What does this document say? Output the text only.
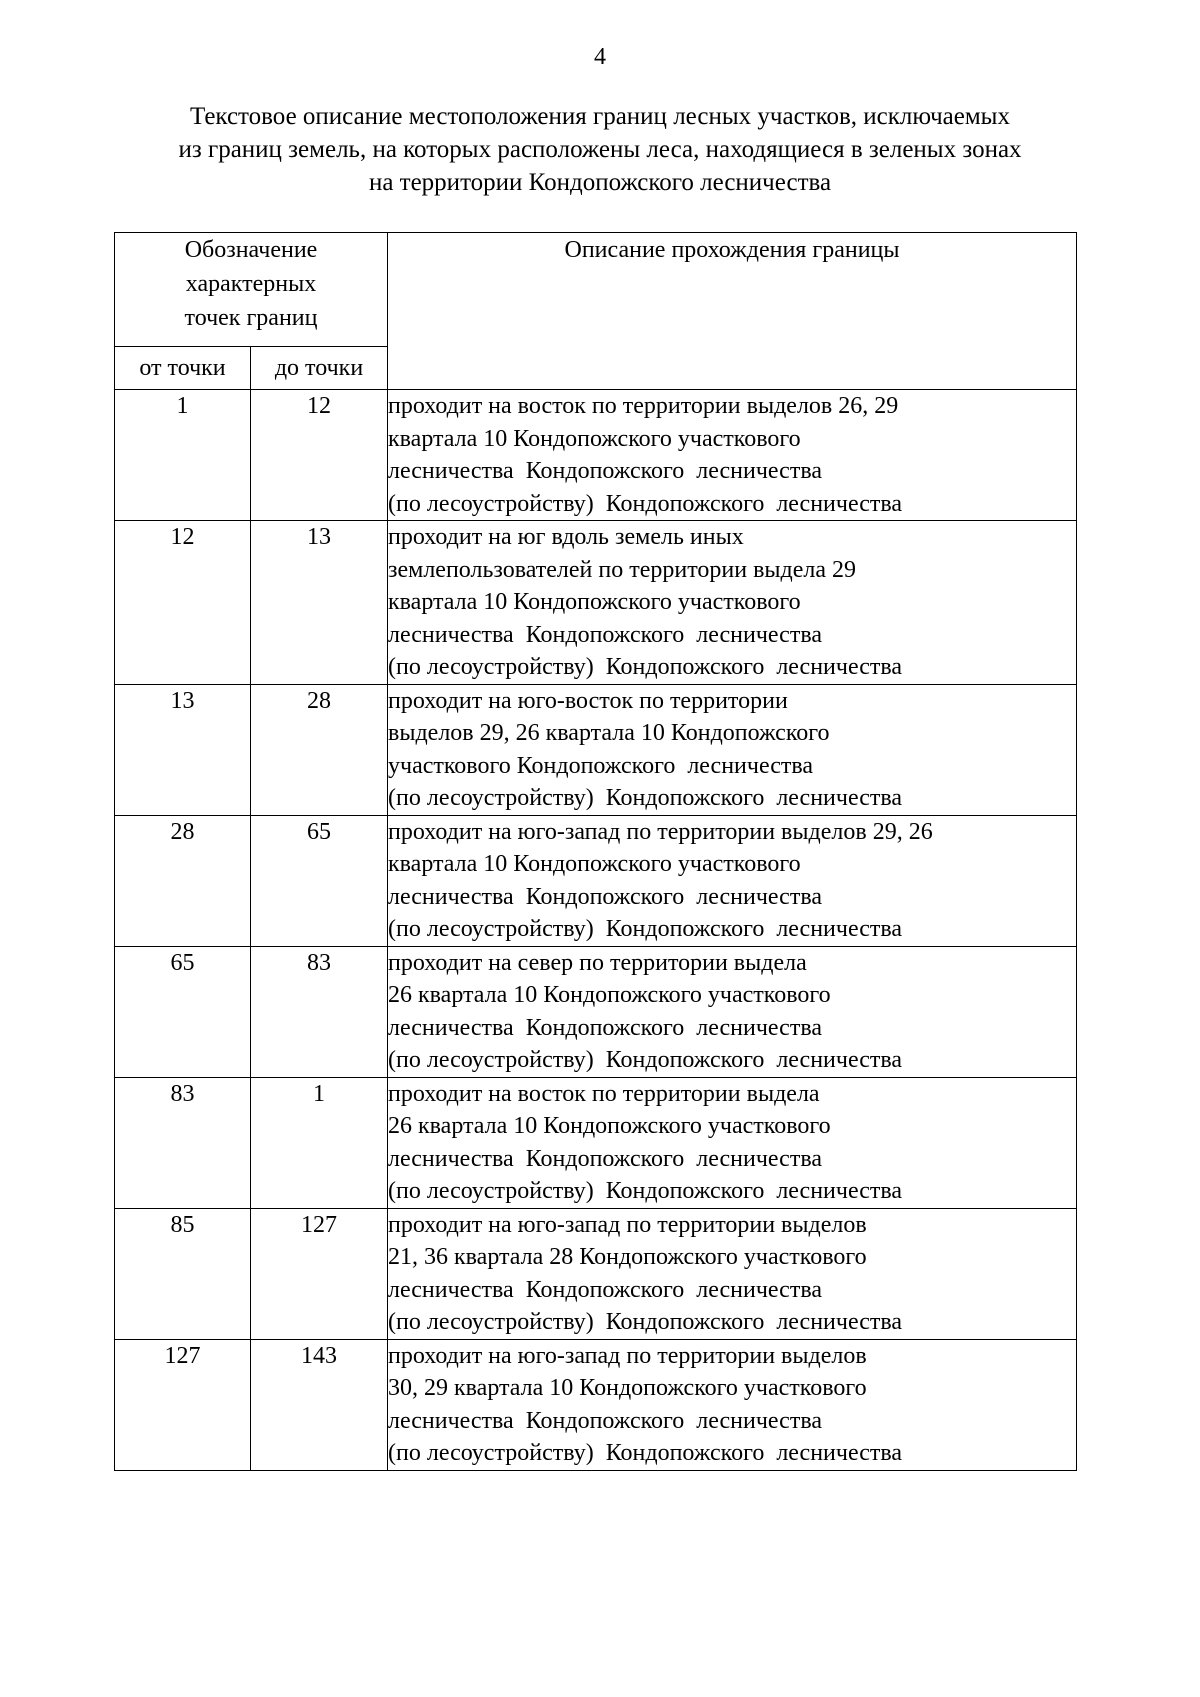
4
Текстовое описание местоположения границ лесных участков, исключаемых
из границ земель, на которых расположены леса, находящиеся в зеленых зонах
на территории Кондопожского лесничества
Обозначение
характерных
точек границ		Описание прохождения границы
от точки	до точки	
1	12	проходит на восток по территории выделов 26, 29
квартала 10 Кондопожского участкового
лесничества  Кондопожского  лесничества
(по лесоустройству)  Кондопожского  лесничества

12	13	проходит на юг вдоль земель иных
землепользователей по территории выдела 29
квартала 10 Кондопожского участкового
лесничества  Кондопожского  лесничества
(по лесоустройству)  Кондопожского  лесничества

13	28	проходит на юго-восток по территории
выделов 29, 26 квартала 10 Кондопожского
участкового Кондопожского  лесничества
(по лесоустройству)  Кондопожского  лесничества

28	65	проходит на юго-запад по территории выделов 29, 26
квартала 10 Кондопожского участкового
лесничества  Кондопожского  лесничества
(по лесоустройству)  Кондопожского  лесничества

65	83	проходит на север по территории выдела
26 квартала 10 Кондопожского участкового
лесничества  Кондопожского  лесничества
(по лесоустройству)  Кондопожского  лесничества

83	1	проходит на восток по территории выдела
26 квартала 10 Кондопожского участкового
лесничества  Кондопожского  лесничества
(по лесоустройству)  Кондопожского  лесничества

85	127	проходит на юго-запад по территории выделов
21, 36 квартала 28 Кондопожского участкового
лесничества  Кондопожского  лесничества
(по лесоустройству)  Кондопожского  лесничества

127	143	проходит на юго-запад по территории выделов
30, 29 квартала 10 Кондопожского участкового
лесничества  Кондопожского  лесничества
(по лесоустройству)  Кондопожского  лесничества
